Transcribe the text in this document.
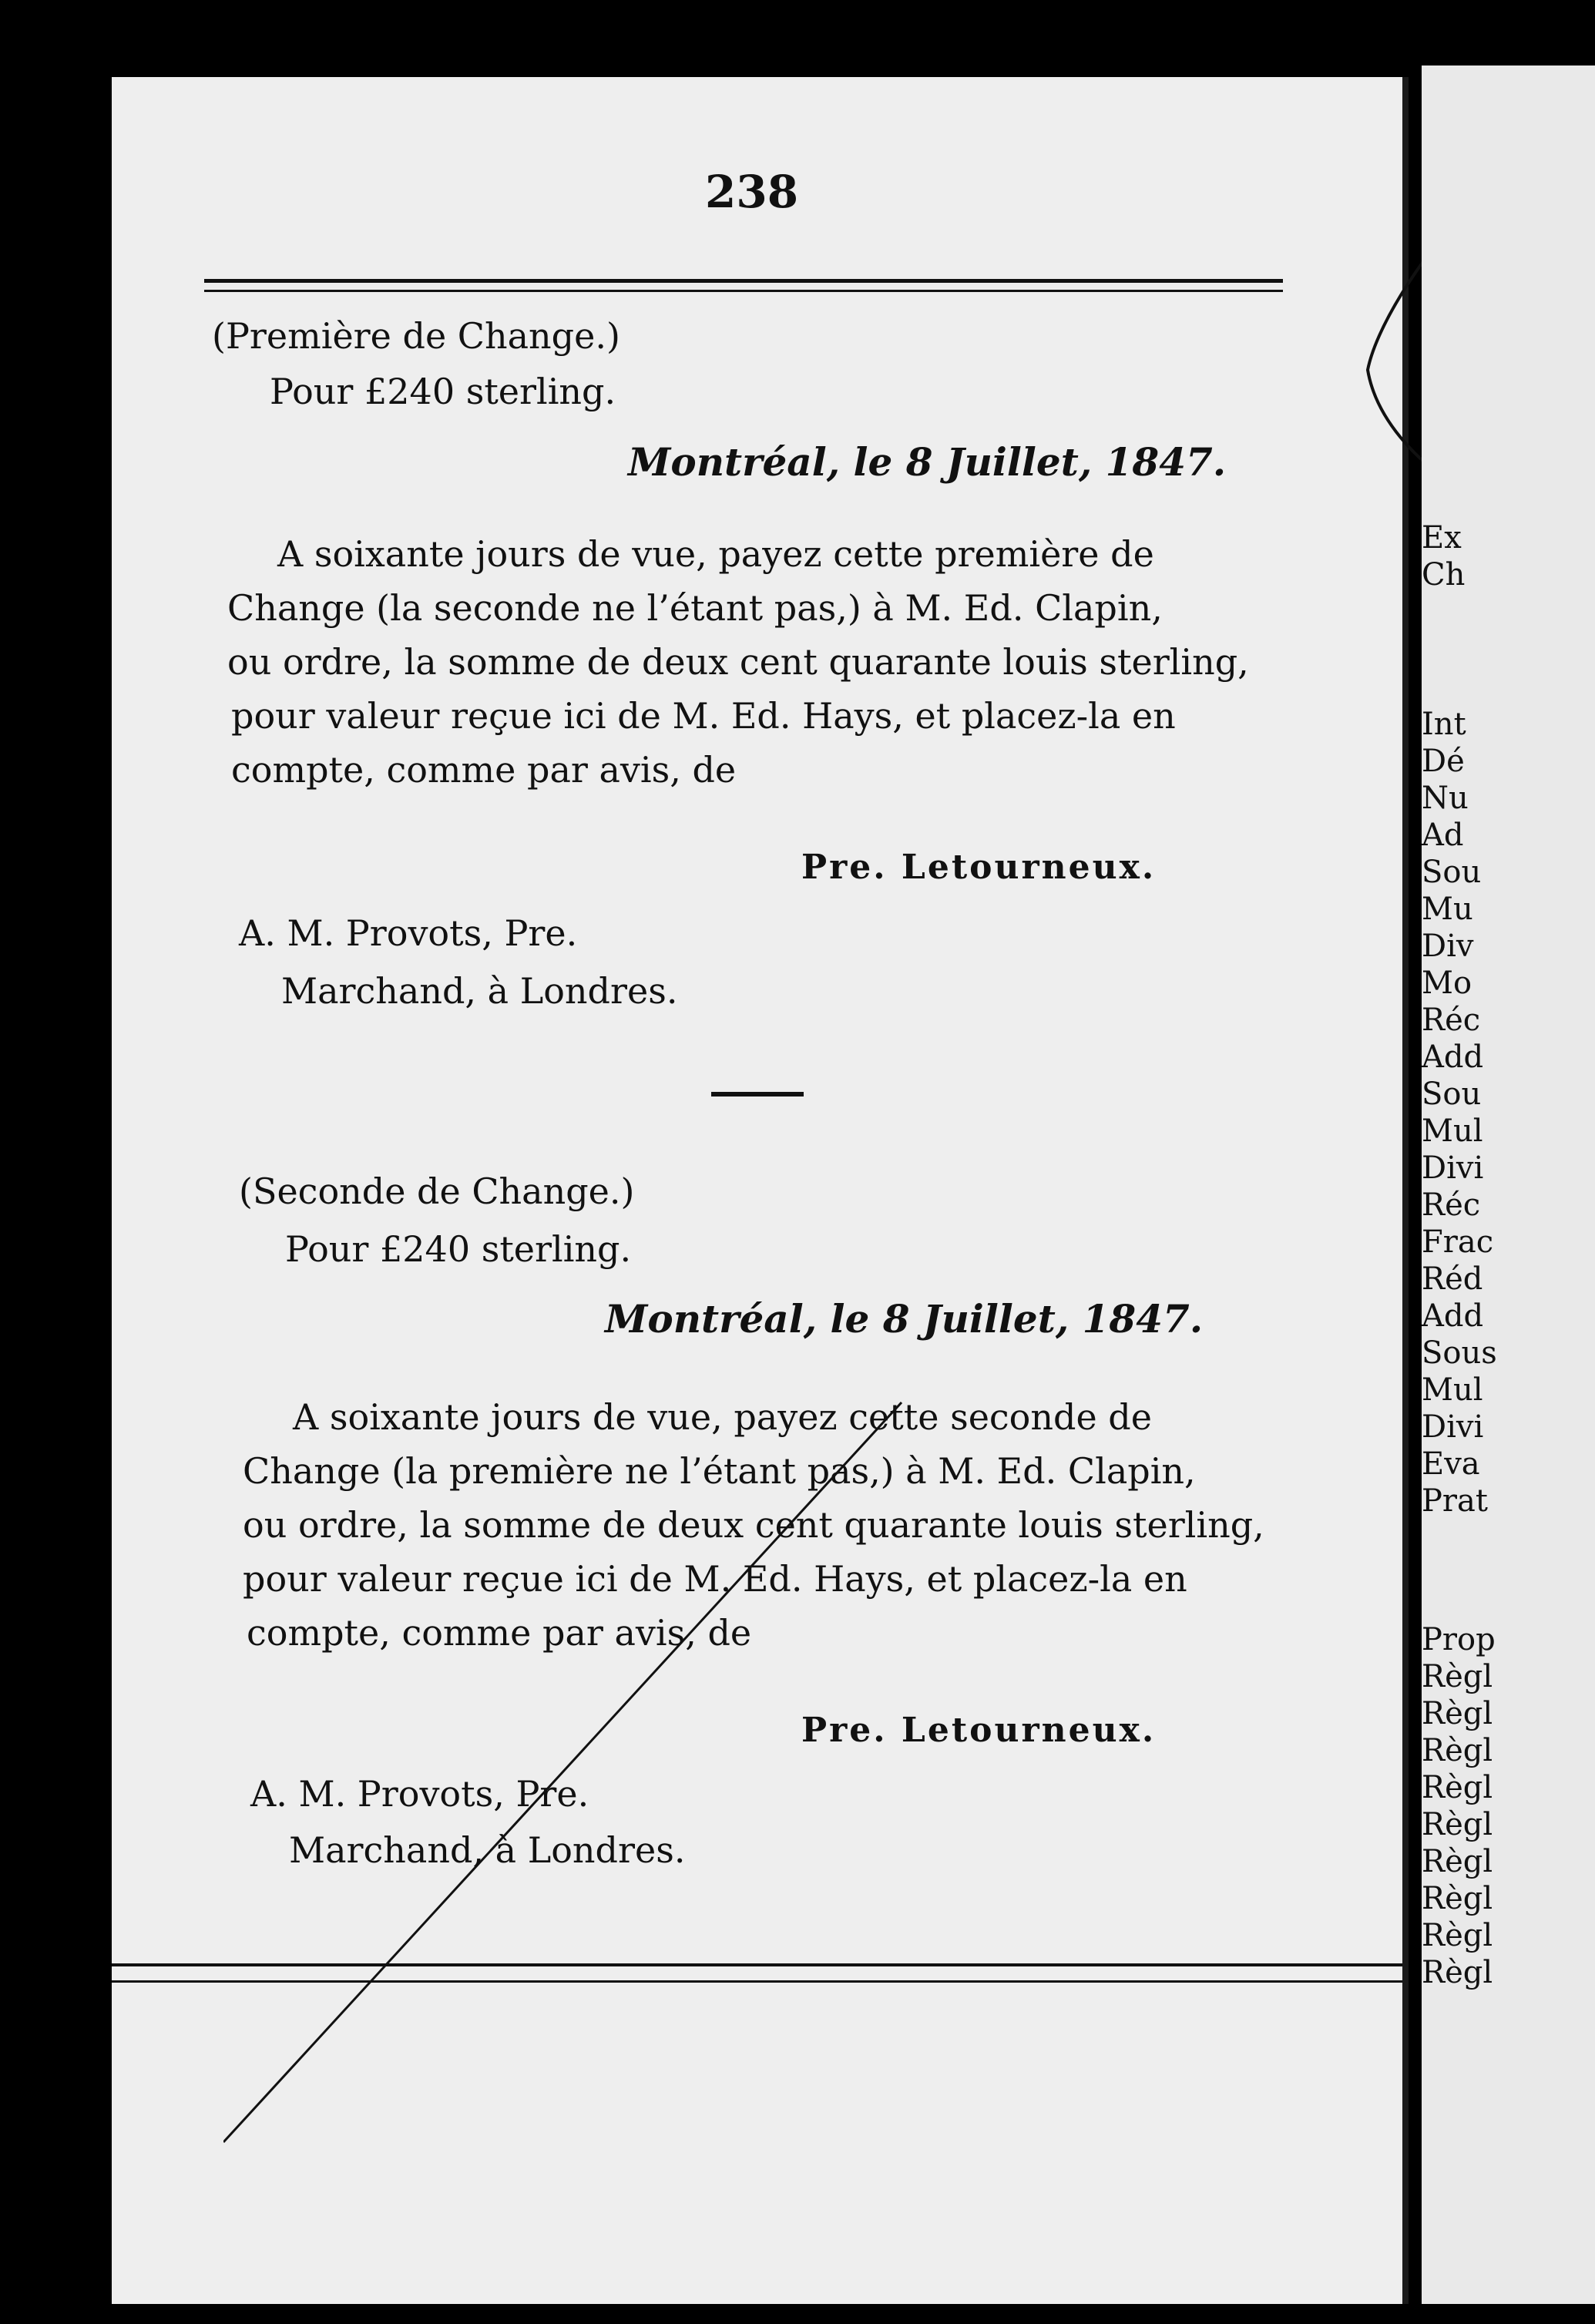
238
(Première de Change.)
Pour £240 sterling.
Montréal, le 8 Juillet, 1847.
A soixante jours de vue, payez cette première de
Change (la seconde ne l’étant pas,) à M. Ed. Clapin,
ou ordre, la somme de deux cent quarante louis sterling,
pour valeur reçue ici de M. Ed. Hays, et placez-la en
compte, comme par avis, de
Pre. Letourneux.
A. M. Provots, Pre.
Marchand, à Londres.
(Seconde de Change.)
Pour £240 sterling.
Montréal, le 8 Juillet, 1847.
A soixante jours de vue, payez cette seconde de
Change (la première ne l’étant pas,) à M. Ed. Clapin,
ou ordre, la somme de deux cent quarante louis sterling,
pour valeur reçue ici de M. Ed. Hays, et placez-la en
compte, comme par avis, de
Pre. Letourneux.
A. M. Provots, Pre.
Marchand, à Londres.
Ex
Ch
Int
Dé
Nu
Ad
Sou
Mu
Div
Mo
Réc
Add
Sou
Mul
Divi
Réc
Frac
Réd
Add
Sous
Mul
Divi
Eva
Prat
Prop
Règl
Règl
Règl
Règl
Règl
Règl
Règl
Règl
Règl
